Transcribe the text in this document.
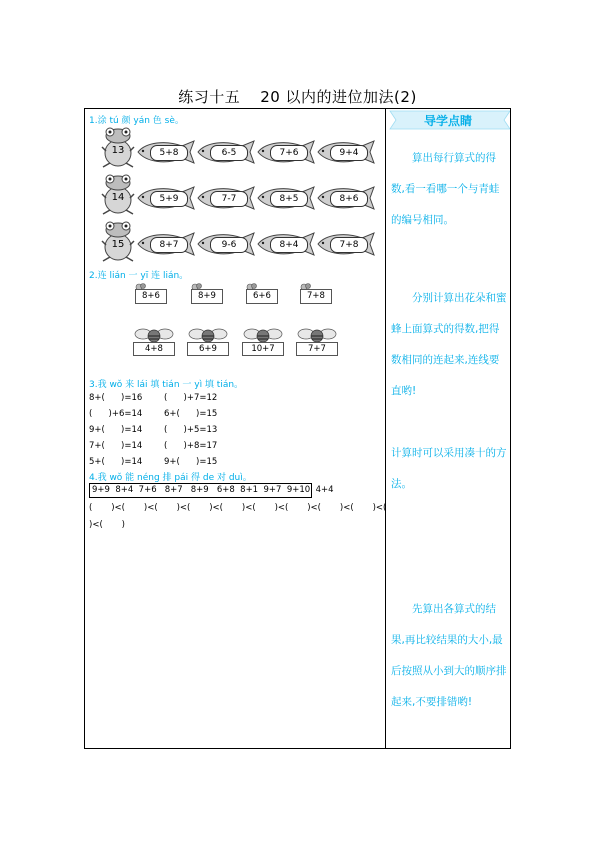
练习十五 20 以内的进位加法(2)
1.涂 tú 颜 yán 色 sè。
13	5+8	6-5	7+6	9+4
14	5+9	7-7	8+5	8+6
15	8+7	9-6	8+4	7+8
2.连 lián 一 yī 连 lián。
8+6	8+9	6+6	7+8
4+8	6+9	10+7	7+7
3.我 wǒ 来 lái 填 tián 一 yì 填 tián。
8+(      )=16	(      )+7=12
(      )+6=14	6+(      )=15
9+(      )=14	(      )+5=13
7+(      )=14	(      )+8=17
5+(      )=14	9+(      )=15
4.我 wǒ 能 néng 排 pái 得 de 对 duì。
9+9  8+4  7+6   8+7   8+9   6+8  8+1  9+7  9+10  4+4
(       )<(       )<(       )<(       )<(       )<(       )<(       )<(       )<(       )<(
)<(       )
导学点睛
　　算出每行算式的得数,看一看哪一个与青蛙的编号相同。
　　分别计算出花朵和蜜蜂上面算式的得数,把得数相同的连起来,连线要直哟!
计算时可以采用凑十的方法。
　　先算出各算式的结果,再比较结果的大小,最后按照从小到大的顺序排起来,不要排错哟!
